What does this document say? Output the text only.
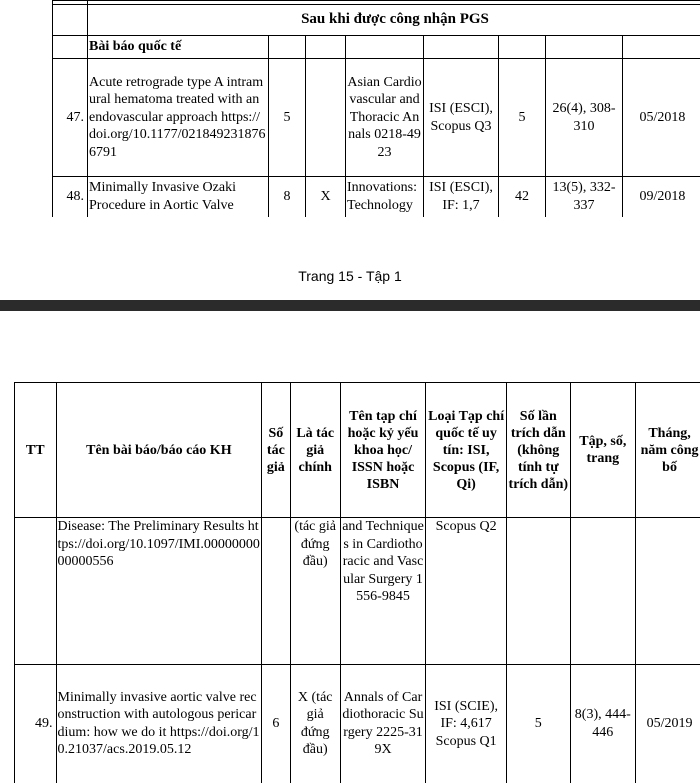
	Sau khi được công nhận PGS							
	Bài báo quốc tế							
47.	Acute retrograde type A intramural hematoma treated with an endovascular approach https://doi.org/10.1177/0218492318766791	5		Asian Cardiovascular and Thoracic Annals 0218-4923	ISI (ESCI), Scopus Q3	5	26(4), 308-310	05/2018
48.	Minimally Invasive Ozaki Procedure in Aortic Valve	8	X	Innovations: Technology	ISI (ESCI), IF: 1,7	42	13(5), 332-337	09/2018
Trang 15 - Tập 1
TT	Tên bài báo/báo cáo KH	Số tác giả	Là tác giả chính	Tên tạp chí hoặc kỷ yếu khoa học/ ISSN hoặc ISBN	Loại Tạp chí quốc tế uy tín: ISI, Scopus (IF, Qi)	Số lần trích dẫn (không tính tự trích dẫn)	Tập, số, trang	Tháng, năm công bố
	Disease: The Preliminary Results https://doi.org/10.1097/IMI.0000000000000556		(tác giả đứng đầu)	and Techniques in Cardiothoracic and Vascular Surgery 1556-9845	Scopus Q2			
49.	Minimally invasive aortic valve reconstruction with autologous pericardium: how we do it https://doi.org/10.21037/acs.2019.05.12	6	X (tác giả đứng đầu)	Annals of Cardiothoracic Surgery 2225-319X	ISI (SCIE), IF: 4,617 Scopus Q1	5	8(3), 444-446	05/2019
